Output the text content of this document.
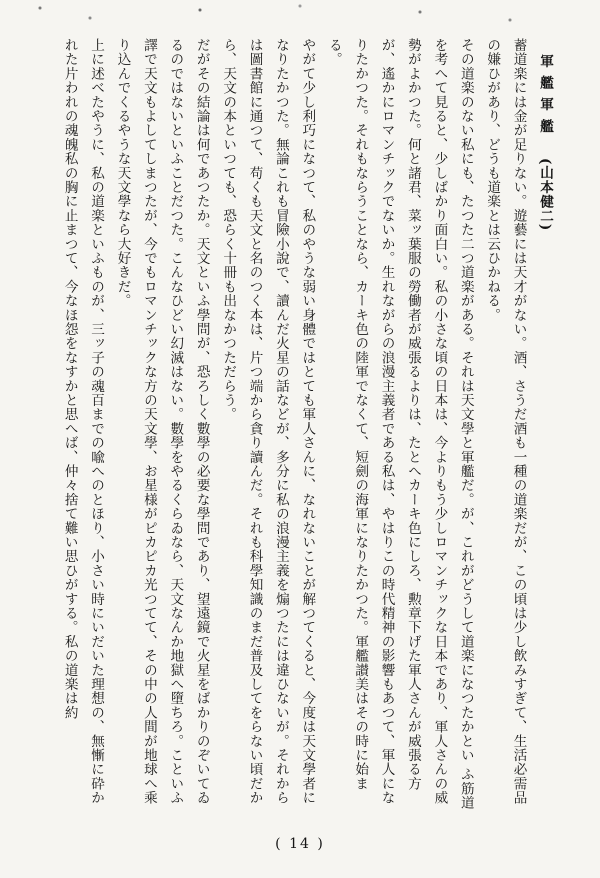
軍艦軍艦(山本健二)

蓄道楽には金が足りない。遊藝には天才がない。酒、さうだ酒も一種の道楽だが、この頃は少し飲みすぎて、生活必需品の嫌ひがあり、どうも道楽とは云ひかねる。

その道楽のない私にも、たつた二つ道楽がある。それは天文學と軍艦だ。が、これがどうして道楽になつたかとい ふ筋道を考へて見ると、少しばかり面白い。私の小さな頃の日本は、今よりもう少しロマンチックな日本であり、軍人さんの威勢がよかつた。何と諸君、菜ッ葉服の勞働者が威張るよりは、たとへカーキ色にしろ、勲章下げた軍人さんが威張る方が、遙かにロマンチックでないか。生れながらの浪漫主義者である私は、やはりこの時代精神の影響もあつて、軍人になりたかつた。それもならうことなら、カーキ色の陸軍でなくて、短劍の海軍になりたかつた。軍艦讃美はその時に始まる。

やがて少し利巧になつて、私のやうな弱い身體ではとても軍人さんに、なれないことが解つてくると、今度は天文學者になりたかつた。無論これも冒險小說で、讀んだ火星の話などが、多分に私の浪漫主義を煽つたには違ひないが。それからは圖書館に通つて、苟くも天文と名のつく本は、片つ端から貪り讀んだ。それも科學知識のまだ普及してをらない頃だから、天文の本といつても、恐らく十冊も出なかつただらう。

だがその結論は何であつたか。天文といふ學問が、恐ろしく數學の必要な學問であり、望遠鏡で火星をばかりのぞいてゐるのではないといふことだつた。こんなひどい幻滅はない。數學をやるくらゐなら、天文なんか地獄へ墮ちろ。こといふ譯で天文もよしてしまつたが、今でもロマンチックな方の天文學、お星様がピカピカ光つてて、その中の人間が地球へ乘り込んでくるやうな天文學なら大好きだ。

上に述べたやうに、私の道楽といふものが、三ッ子の魂百までの喩へのとほり、小さい時にいだいた理想の、無慚に砕かれた片われの魂魄私の胸に止まつて、今なほ怨をなすかと思へば、仲々捨て難い思ひがする。私の道楽は約

( 14 )
